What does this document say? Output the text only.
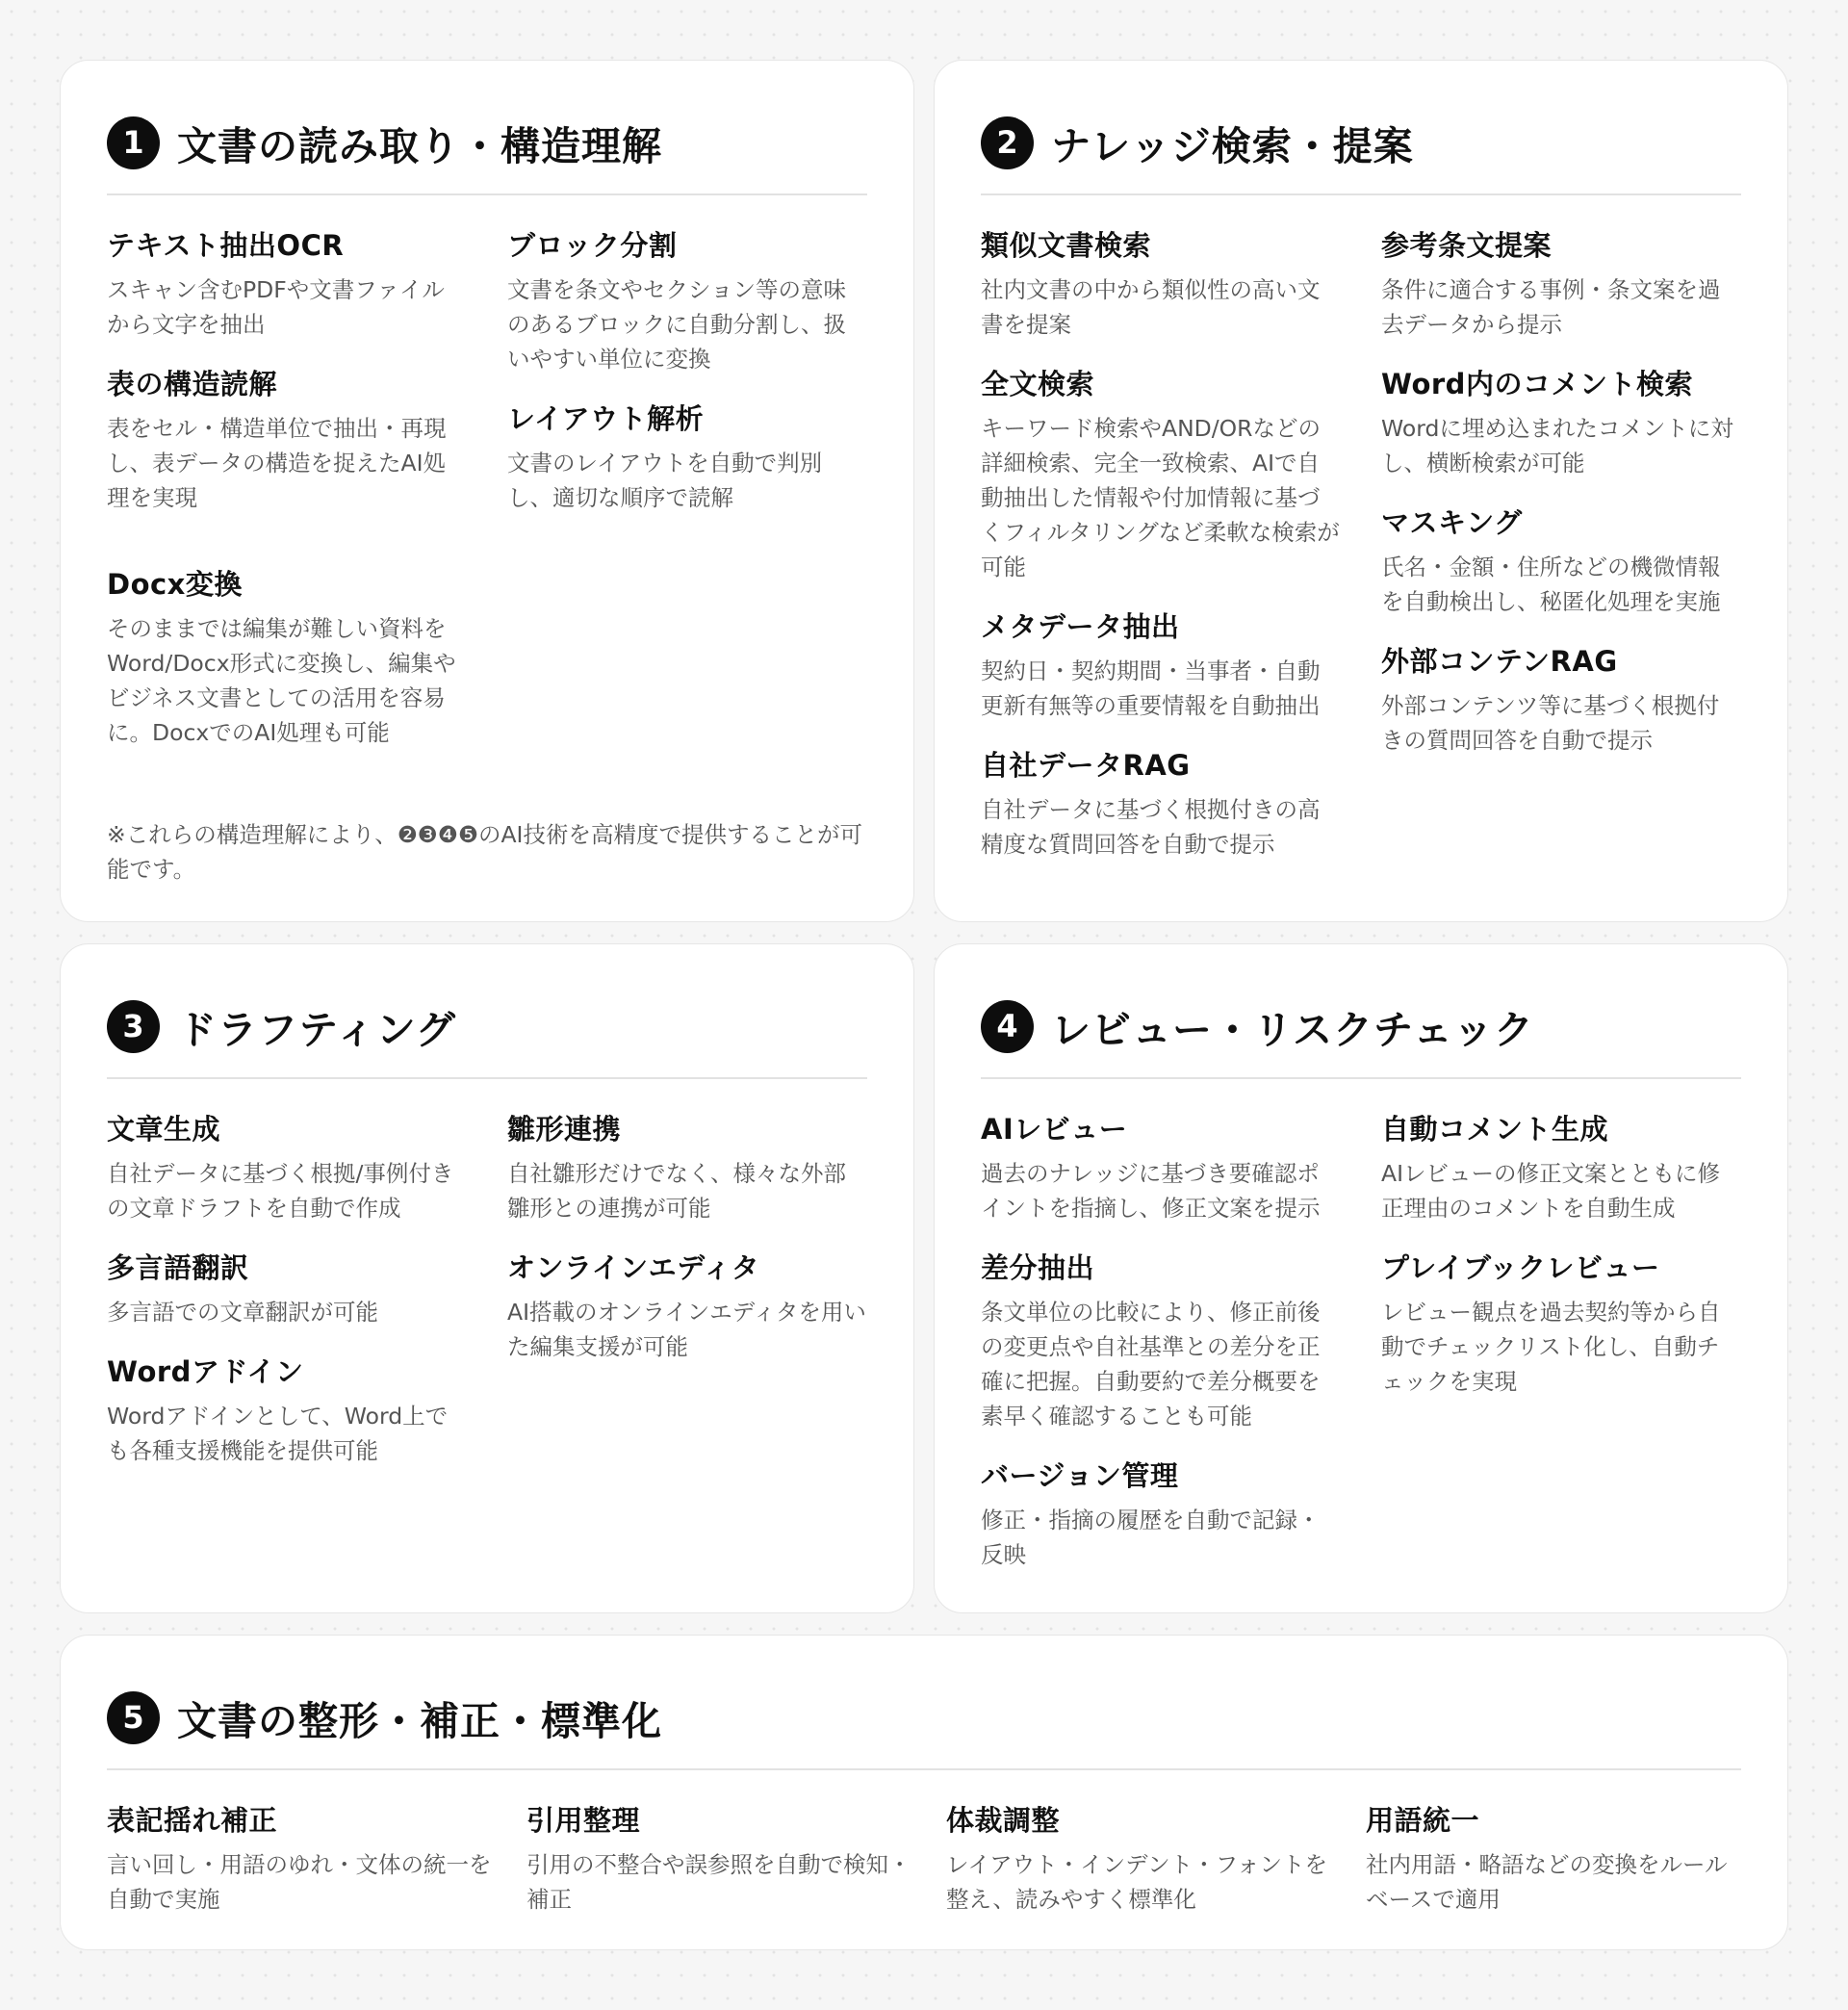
1 文書の読み取り・構造理解
テキスト抽出OCR
スキャン含むPDFや文書ファイルから文字を抽出
表の構造読解
表をセル・構造単位で抽出・再現し、表データの構造を捉えたAI処理を実現
Docx変換
そのままでは編集が難しい資料をWord/Docx形式に変換し、編集やビジネス文書としての活用を容易に。DocxでのAI処理も可能
ブロック分割
文書を条文やセクション等の意味のあるブロックに自動分割し、扱いやすい単位に変換
レイアウト解析
文書のレイアウトを自動で判別し、適切な順序で読解
※これらの構造理解により、❷❸❹❺のAI技術を高精度で提供することが可能です。
2 ナレッジ検索・提案
類似文書検索
社内文書の中から類似性の高い文書を提案
全文検索
キーワード検索やAND/ORなどの詳細検索、完全一致検索、AIで自動抽出した情報や付加情報に基づくフィルタリングなど柔軟な検索が可能
メタデータ抽出
契約日・契約期間・当事者・自動更新有無等の重要情報を自動抽出
自社データRAG
自社データに基づく根拠付きの高精度な質問回答を自動で提示
参考条文提案
条件に適合する事例・条文案を過去データから提示
Word内のコメント検索
Wordに埋め込まれたコメントに対し、横断検索が可能
マスキング
氏名・金額・住所などの機微情報を自動検出し、秘匿化処理を実施
外部コンテンRAG
外部コンテンツ等に基づく根拠付きの質問回答を自動で提示
3 ドラフティング
文章生成
自社データに基づく根拠/事例付きの文章ドラフトを自動で作成
多言語翻訳
多言語での文章翻訳が可能
Wordアドイン
Wordアドインとして、Word上でも各種支援機能を提供可能
雛形連携
自社雛形だけでなく、様々な外部雛形との連携が可能
オンラインエディタ
AI搭載のオンラインエディタを用いた編集支援が可能
4 レビュー・リスクチェック
AIレビュー
過去のナレッジに基づき要確認ポイントを指摘し、修正文案を提示
差分抽出
条文単位の比較により、修正前後の変更点や自社基準との差分を正確に把握。自動要約で差分概要を素早く確認することも可能
バージョン管理
修正・指摘の履歴を自動で記録・反映
自動コメント生成
AIレビューの修正文案とともに修正理由のコメントを自動生成
プレイブックレビュー
レビュー観点を過去契約等から自動でチェックリスト化し、自動チェックを実現
5 文書の整形・補正・標準化
表記揺れ補正
言い回し・用語のゆれ・文体の統一を自動で実施
引用整理
引用の不整合や誤参照を自動で検知・補正
体裁調整
レイアウト・インデント・フォントを整え、読みやすく標準化
用語統一
社内用語・略語などの変換をルールベースで適用
